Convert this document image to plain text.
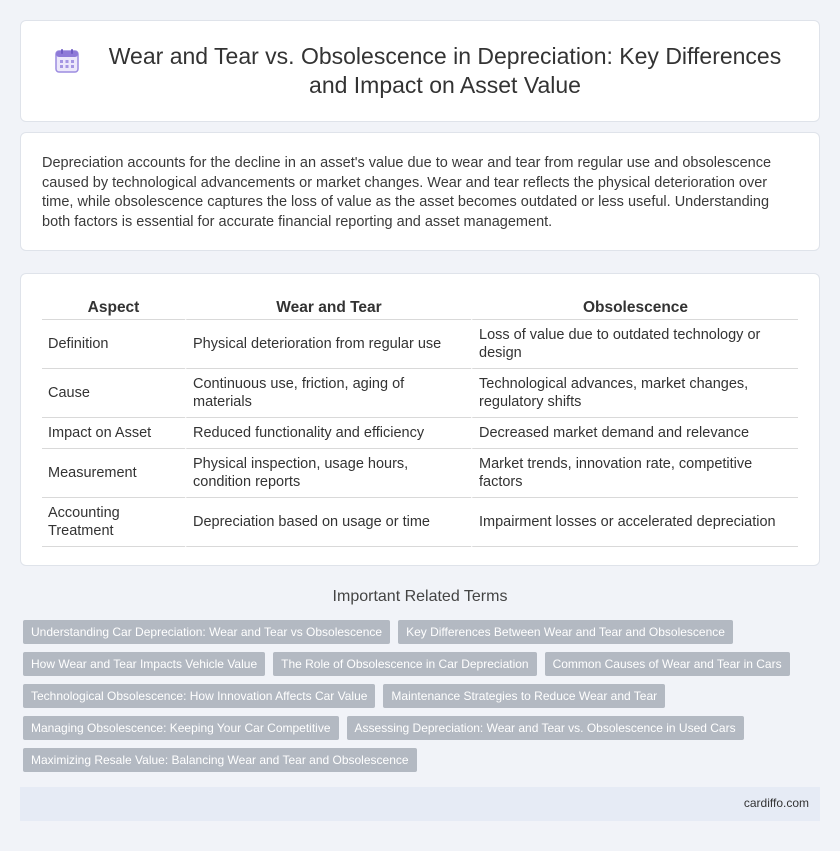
Wear and Tear vs. Obsolescence in Depreciation: Key Differences and Impact on Asset Value

Depreciation accounts for the decline in an asset's value due to wear and tear from regular use and obsolescence caused by technological advancements or market changes. Wear and tear reflects the physical deterioration over time, while obsolescence captures the loss of value as the asset becomes outdated or less useful. Understanding both factors is essential for accurate financial reporting and asset management.

Aspect	Wear and Tear	Obsolescence
Definition	Physical deterioration from regular use	Loss of value due to outdated technology or design
Cause	Continuous use, friction, aging of materials	Technological advances, market changes, regulatory shifts
Impact on Asset	Reduced functionality and efficiency	Decreased market demand and relevance
Measurement	Physical inspection, usage hours, condition reports	Market trends, innovation rate, competitive factors
Accounting Treatment	Depreciation based on usage or time	Impairment losses or accelerated depreciation
Important Related Terms
Understanding Car Depreciation: Wear and Tear vs Obsolescence	Key Differences Between Wear and Tear and Obsolescence
How Wear and Tear Impacts Vehicle Value	The Role of Obsolescence in Car Depreciation	Common Causes of Wear and Tear in Cars
Technological Obsolescence: How Innovation Affects Car Value	Maintenance Strategies to Reduce Wear and Tear
Managing Obsolescence: Keeping Your Car Competitive	Assessing Depreciation: Wear and Tear vs. Obsolescence in Used Cars
Maximizing Resale Value: Balancing Wear and Tear and Obsolescence
cardiffo.com
